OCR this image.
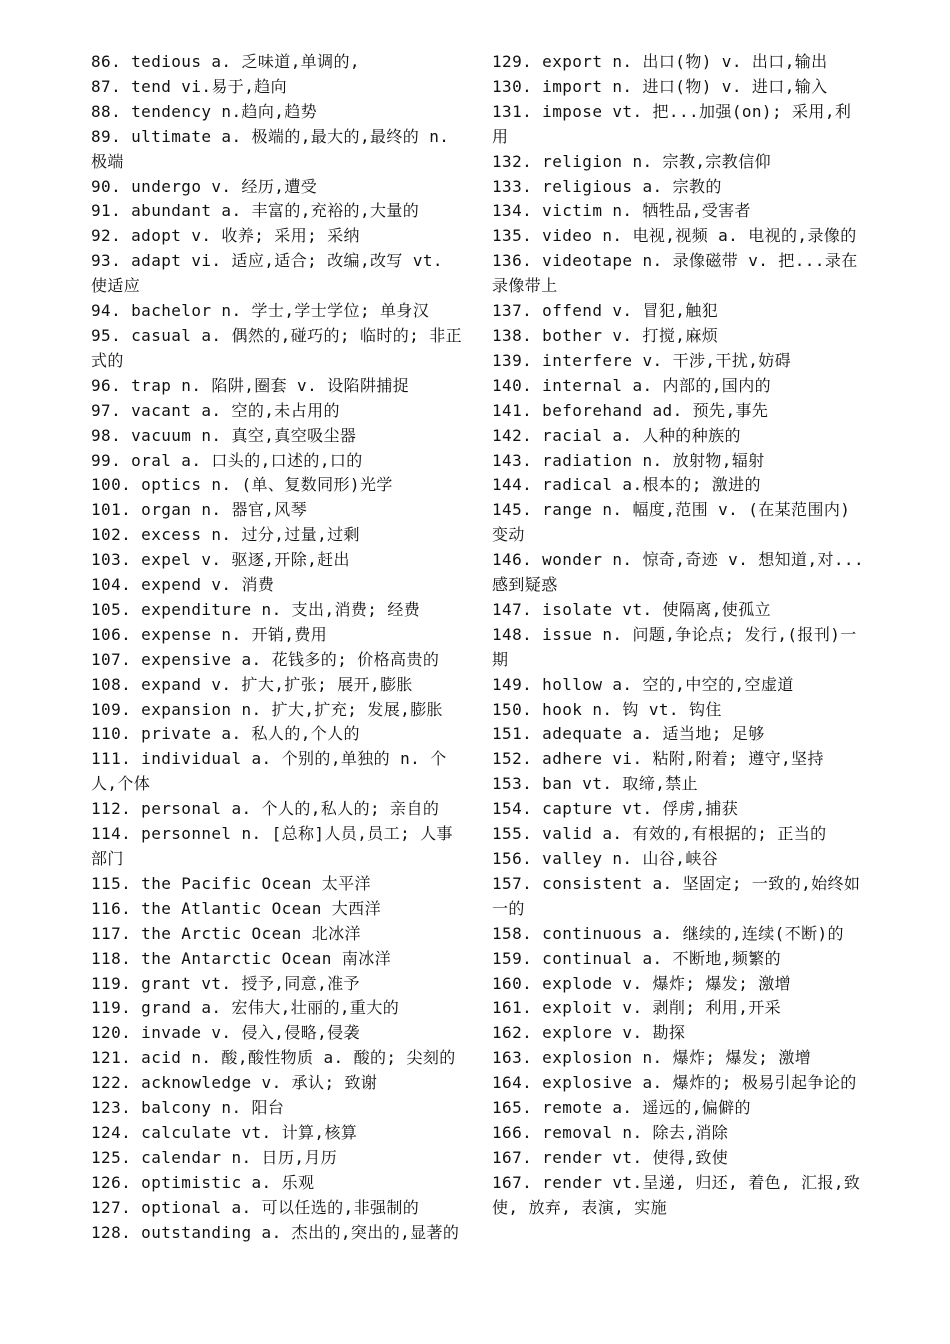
86. tedious a. 乏味道,单调的,

87. tend vi.易于,趋向

88. tendency n.趋向,趋势

89. ultimate a. 极端的,最大的,最终的 n. 极端

90. undergo v. 经历,遭受

91. abundant a. 丰富的,充裕的,大量的

92. adopt v. 收养; 采用; 采纳

93. adapt vi. 适应,适合; 改编,改写 vt. 使适应

94. bachelor n. 学士,学士学位; 单身汉

95. casual a. 偶然的,碰巧的; 临时的; 非正式的

96. trap n. 陷阱,圈套 v. 设陷阱捕捉

97. vacant a. 空的,未占用的

98. vacuum n. 真空,真空吸尘器

99. oral a. 口头的,口述的,口的

100. optics n. (单、复数同形)光学

101. organ n. 器官,风琴

102. excess n. 过分,过量,过剩

103. expel v. 驱逐,开除,赶出

104. expend v. 消费

105. expenditure n. 支出,消费; 经费

106. expense n. 开销,费用

107. expensive a. 花钱多的; 价格高贵的

108. expand v. 扩大,扩张; 展开,膨胀

109. expansion n. 扩大,扩充; 发展,膨胀

110. private a. 私人的,个人的

111. individual a. 个别的,单独的 n. 个人,个体

112. personal a. 个人的,私人的; 亲自的

114. personnel n. [总称]人员,员工; 人事部门

115. the Pacific Ocean 太平洋

116. the Atlantic Ocean 大西洋

117. the Arctic Ocean 北冰洋

118. the Antarctic Ocean 南冰洋

119. grant vt. 授予,同意,准予

119. grand a. 宏伟大,壮丽的,重大的

120. invade v. 侵入,侵略,侵袭

121. acid n. 酸,酸性物质 a. 酸的; 尖刻的

122. acknowledge v. 承认; 致谢

123. balcony n. 阳台

124. calculate vt. 计算,核算

125. calendar n. 日历,月历

126. optimistic a. 乐观

127. optional a. 可以任选的,非强制的

128. outstanding a. 杰出的,突出的,显著的

129. export n. 出口(物) v. 出口,输出

130. import n. 进口(物) v. 进口,输入

131. impose vt. 把...加强(on); 采用,利用

132. religion n. 宗教,宗教信仰

133. religious a. 宗教的

134. victim n. 牺牲品,受害者

135. video n. 电视,视频 a. 电视的,录像的

136. videotape n. 录像磁带 v. 把...录在录像带上

137. offend v. 冒犯,触犯

138. bother v. 打搅,麻烦

139. interfere v. 干涉,干扰,妨碍

140. internal a. 内部的,国内的

141. beforehand ad. 预先,事先

142. racial a. 人种的种族的

143. radiation n. 放射物,辐射

144. radical a.根本的; 激进的

145. range n. 幅度,范围 v. (在某范围内)变动

146. wonder n. 惊奇,奇迹 v. 想知道,对...感到疑惑

147. isolate vt. 使隔离,使孤立

148. issue n. 问题,争论点; 发行,(报刊)一期

149. hollow a. 空的,中空的,空虚道

150. hook n. 钩 vt. 钩住

151. adequate a. 适当地; 足够

152. adhere vi. 粘附,附着; 遵守,坚持

153. ban vt. 取缔,禁止

154. capture vt. 俘虏,捕获

155. valid a. 有效的,有根据的; 正当的

156. valley n. 山谷,峡谷

157. consistent a. 坚固定; 一致的,始终如一的

158. continuous a. 继续的,连续(不断)的

159. continual a. 不断地,频繁的

160. explode v. 爆炸; 爆发; 激增

161. exploit v. 剥削; 利用,开采

162. explore v. 勘探

163. explosion n. 爆炸; 爆发; 激增

164. explosive a. 爆炸的; 极易引起争论的

165. remote a. 遥远的,偏僻的

166. removal n. 除去,消除

167. render vt. 使得,致使

167. render vt.呈递, 归还, 着色, 汇报,致使, 放弃, 表演, 实施
